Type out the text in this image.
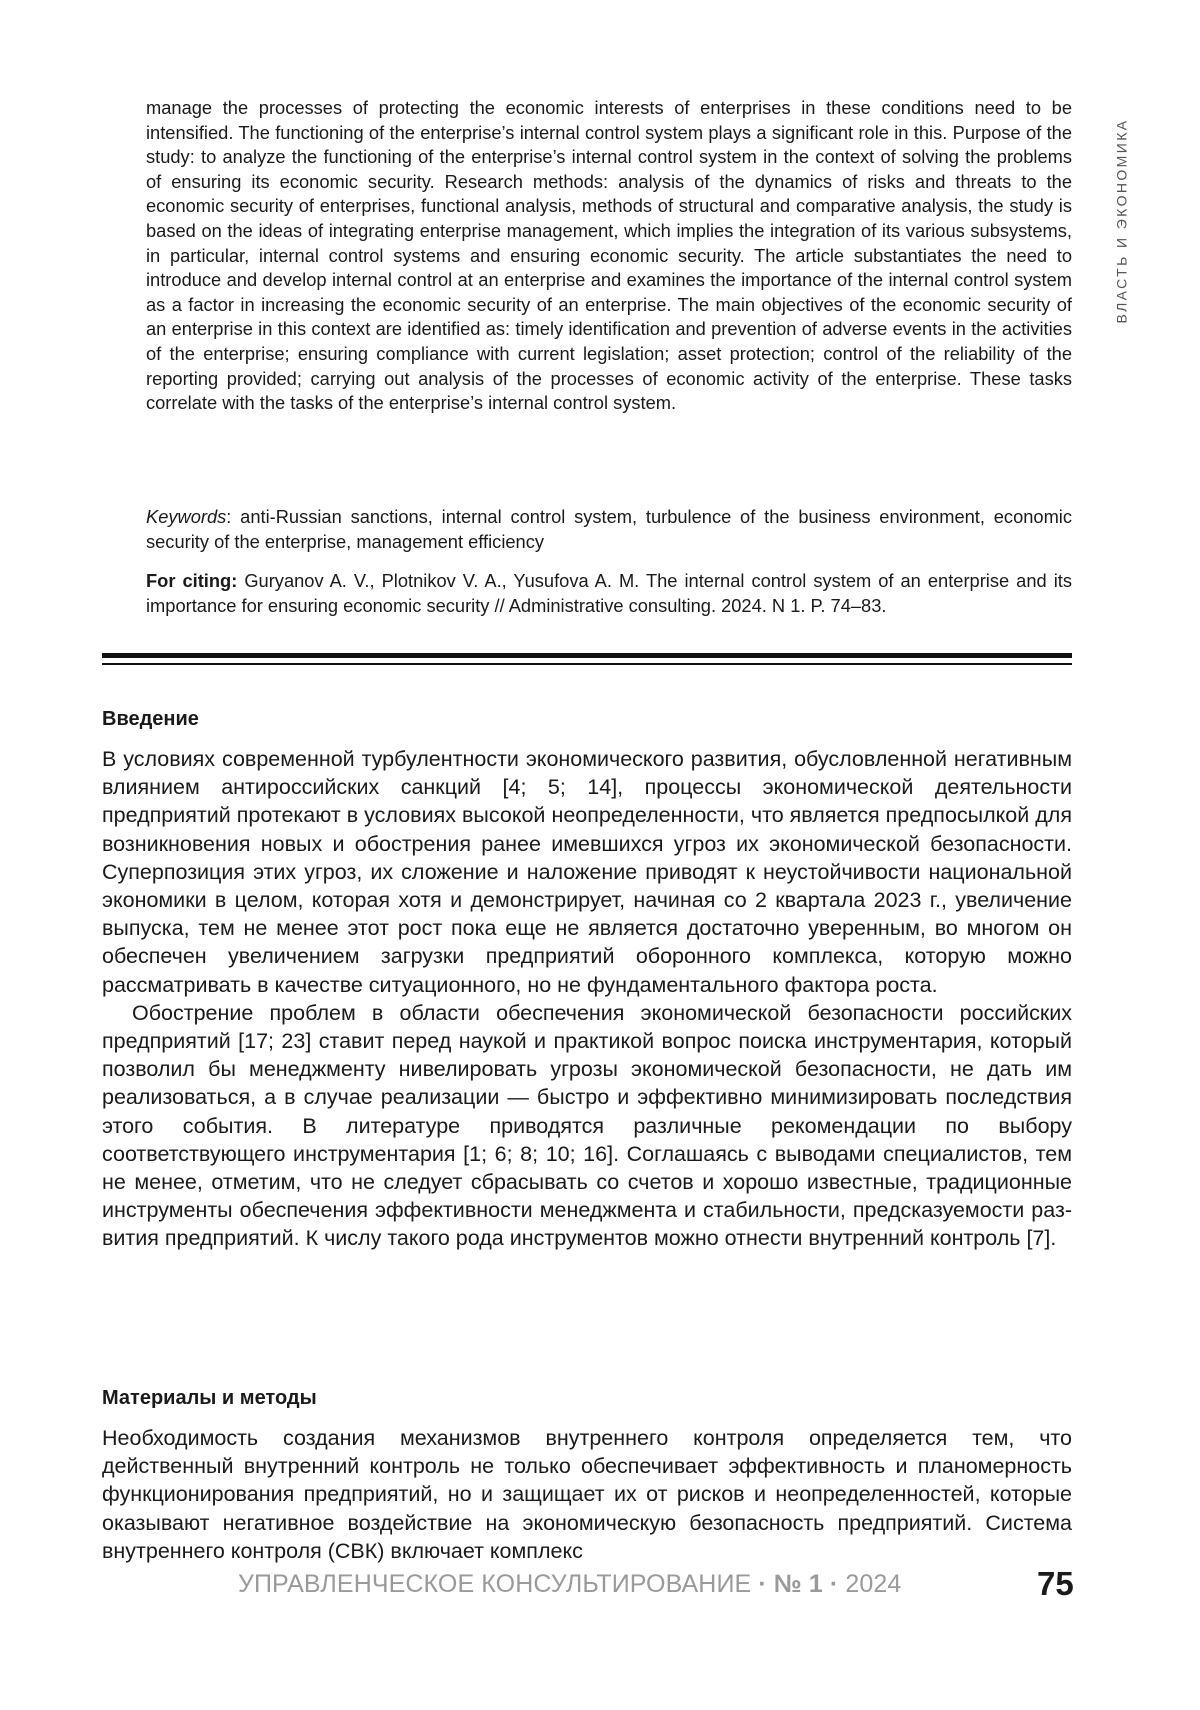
ВЛАСТЬ И ЭКОНОМИКА

manage the processes of protecting the economic interests of enterprises in these conditions need to be intensified. The functioning of the enterprise’s internal control system plays a significant role in this. Purpose of the study: to analyze the functioning of the enterprise’s internal control system in the context of solving the problems of ensuring its economic security. Research methods: analysis of the dynamics of risks and threats to the economic security of enterprises, functional analysis, methods of structural and comparative analysis, the study is based on the ideas of integrating enterprise management, which implies the integration of its various subsystems, in particular, internal control systems and ensuring economic security. The article substantiates the need to introduce and develop internal control at an enterprise and examines the importance of the internal control system as a factor in increasing the economic security of an enterprise. The main objectives of the economic security of an enterprise in this context are identified as: timely identification and prevention of adverse events in the activities of the enterprise; ensuring compliance with current legislation; asset protection; control of the reliability of the reporting provided; carrying out analysis of the processes of economic activity of the enterprise. These tasks correlate with the tasks of the enterprise’s internal control system.

Keywords: anti-Russian sanctions, internal control system, turbulence of the business environment, economic security of the enterprise, management efficiency

For citing: Guryanov A. V., Plotnikov V. A., Yusufova A. M. The internal control system of an enterprise and its importance for ensuring economic security // Administrative consulting. 2024. N 1. P. 74–83.

Введение

В условиях современной турбулентности экономического развития, обусловленной негативным влиянием антироссийских санкций [4; 5; 14], процессы экономической деятельности предприятий протекают в условиях высокой неопределенности, что является предпосылкой для возникновения новых и обострения ранее имевшихся угроз их экономической безопасности. Суперпозиция этих угроз, их сложение и наложение приводят к неустойчивости национальной экономики в целом, которая хотя и демонстрирует, начиная со 2 квартала 2023 г., увеличение выпуска, тем не менее этот рост пока еще не является достаточно уверенным, во многом он обеспечен увеличением загрузки предприятий оборонного комплекса, которую можно рассматривать в качестве ситуационного, но не фундаментального фактора роста.

Обострение проблем в области обеспечения экономической безопасности российских предприятий [17; 23] ставит перед наукой и практикой вопрос поиска инструментария, который позволил бы менеджменту нивелировать угрозы экономической безопасности, не дать им реализоваться, а в случае реализации — быстро и эффективно минимизировать последствия этого события. В литературе приводятся различные рекомендации по выбору соответствующего инструментария [1; 6; 8; 10; 16]. Соглашаясь с выводами специалистов, тем не менее, отметим, что не следует сбрасывать со счетов и хорошо известные, традиционные инструменты обеспечения эффективности менеджмента и стабильности, предсказуемости развития предприятий. К числу такого рода инструментов можно отнести внутренний контроль [7].

Материалы и методы

Необходимость создания механизмов внутреннего контроля определяется тем, что действенный внутренний контроль не только обеспечивает эффективность и планомерность функционирования предприятий, но и защищает их от рисков и неопределенностей, которые оказывают негативное воздействие на экономическую безопасность предприятий. Система внутреннего контроля (СВК) включает комплекс

УПРАВЛЕНЧЕСКОЕ КОНСУЛЬТИРОВАНИЕ · № 1 · 2024	75
